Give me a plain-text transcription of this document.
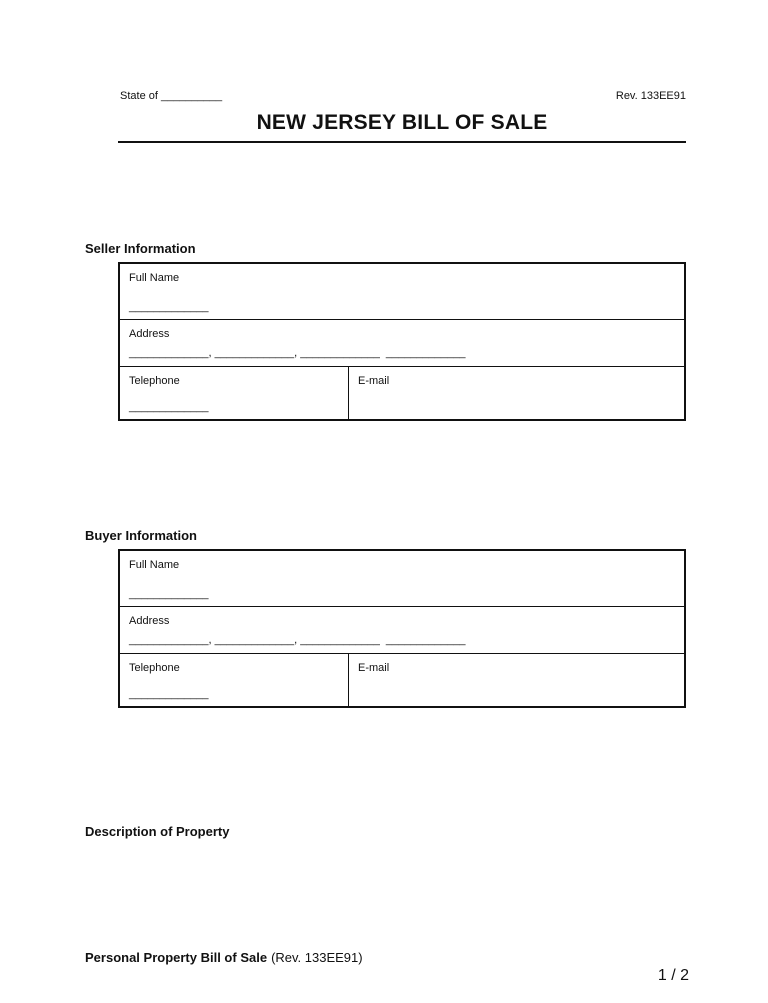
State of __________	Rev. 133EE91
NEW JERSEY BILL OF SALE
Seller Information
Full Name
_____________
Address
_____________, _____________, _____________  _____________
Telephone
_____________
E-mail
Buyer Information
Full Name
_____________
Address
_____________, _____________, _____________  _____________
Telephone
_____________
E-mail
Description of Property
Personal Property Bill of Sale (Rev. 133EE91)
1 / 2
